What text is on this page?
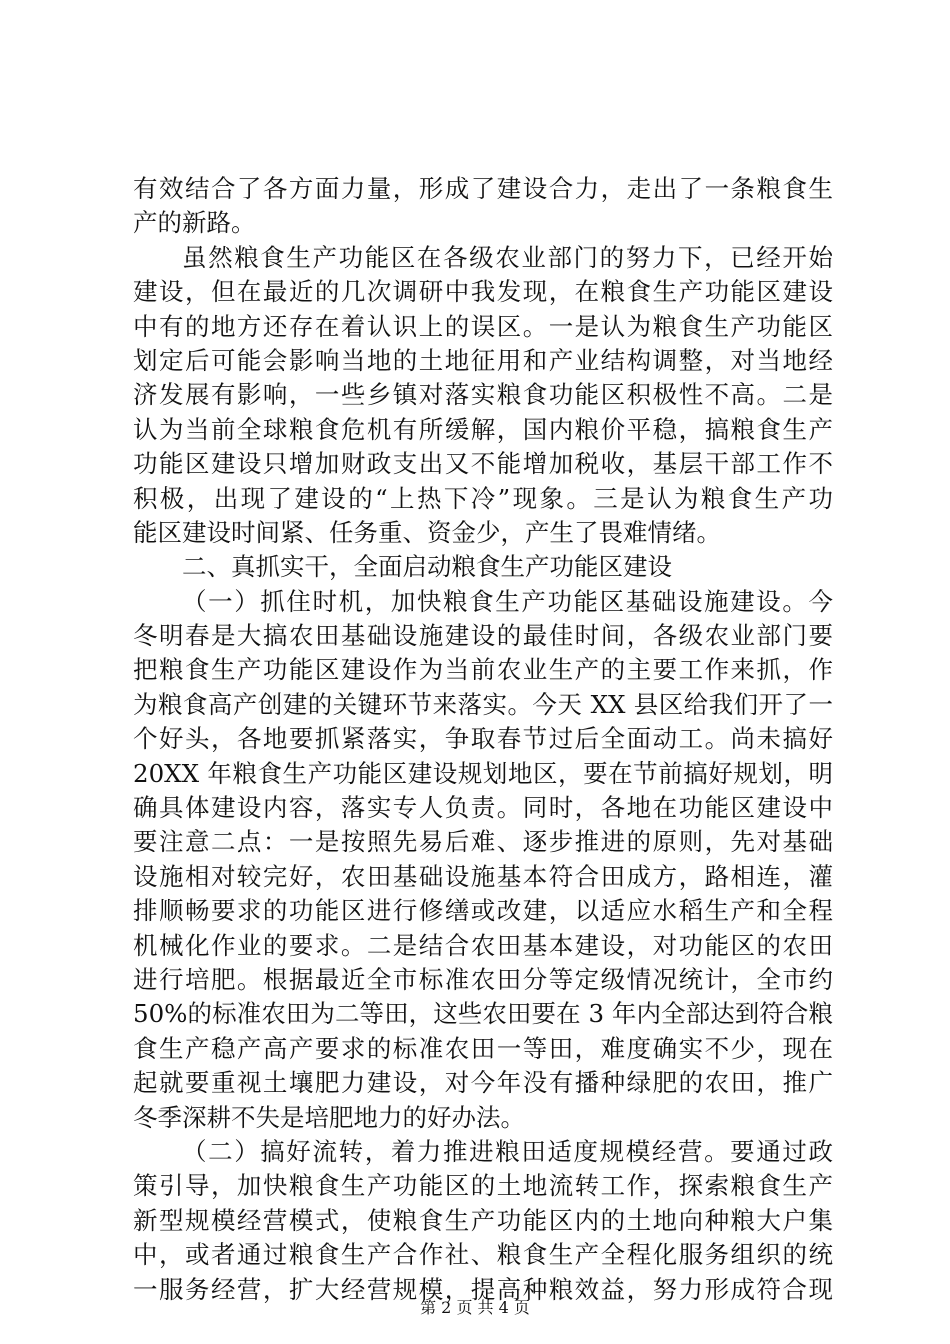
有效结合了各方面力量，形成了建设合力，走出了一条粮食生
产的新路。
虽然粮食生产功能区在各级农业部门的努力下，已经开始
建设，但在最近的几次调研中我发现，在粮食生产功能区建设
中有的地方还存在着认识上的误区。一是认为粮食生产功能区
划定后可能会影响当地的土地征用和产业结构调整，对当地经
济发展有影响，一些乡镇对落实粮食功能区积极性不高。二是
认为当前全球粮食危机有所缓解，国内粮价平稳，搞粮食生产
功能区建设只增加财政支出又不能增加税收，基层干部工作不
积极，出现了建设的“上热下冷”现象。三是认为粮食生产功
能区建设时间紧、任务重、资金少，产生了畏难情绪。
二、真抓实干，全面启动粮食生产功能区建设
（一）抓住时机，加快粮食生产功能区基础设施建设。今
冬明春是大搞农田基础设施建设的最佳时间，各级农业部门要
把粮食生产功能区建设作为当前农业生产的主要工作来抓，作
为粮食高产创建的关键环节来落实。今天 XX 县区给我们开了一
个好头，各地要抓紧落实，争取春节过后全面动工。尚未搞好
20XX 年粮食生产功能区建设规划地区，要在节前搞好规划，明
确具体建设内容，落实专人负责。同时，各地在功能区建设中
要注意二点：一是按照先易后难、逐步推进的原则，先对基础
设施相对较完好，农田基础设施基本符合田成方，路相连，灌
排顺畅要求的功能区进行修缮或改建，以适应水稻生产和全程
机械化作业的要求。二是结合农田基本建设，对功能区的农田
进行培肥。根据最近全市标准农田分等定级情况统计，全市约
50%的标准农田为二等田，这些农田要在 3 年内全部达到符合粮
食生产稳产高产要求的标准农田一等田，难度确实不少，现在
起就要重视土壤肥力建设，对今年没有播种绿肥的农田，推广
冬季深耕不失是培肥地力的好办法。
（二）搞好流转，着力推进粮田适度规模经营。要通过政
策引导，加快粮食生产功能区的土地流转工作，探索粮食生产
新型规模经营模式，使粮食生产功能区内的土地向种粮大户集
中，或者通过粮食生产合作社、粮食生产全程化服务组织的统
一服务经营，扩大经营规模，提高种粮效益，努力形成符合现
第 2 页 共 4 页
